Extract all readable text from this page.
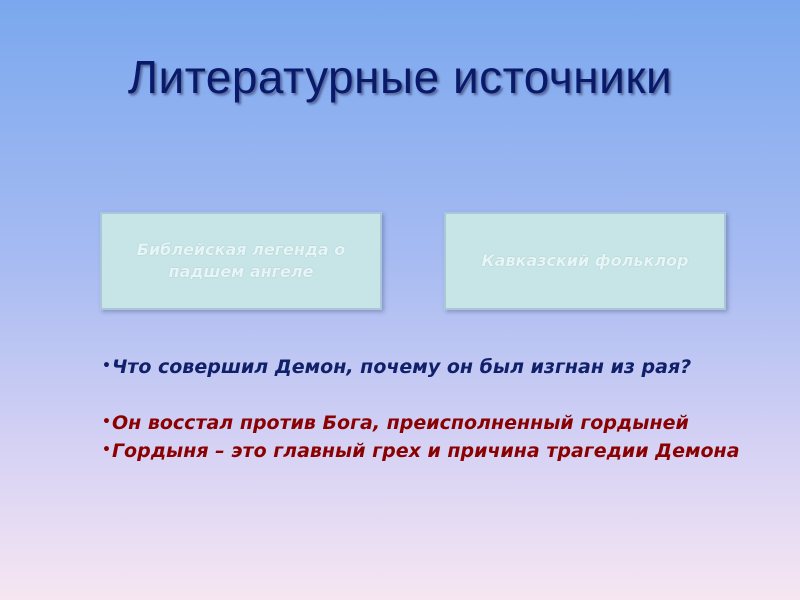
Литературные источники
Библейская легенда о падшем ангеле
Кавказский фольклор
•Что совершил Демон, почему он был изгнан из рая?
•Он восстал против Бога, преисполненный гордыней
•Гордыня – это главный грех и причина трагедии Демона
